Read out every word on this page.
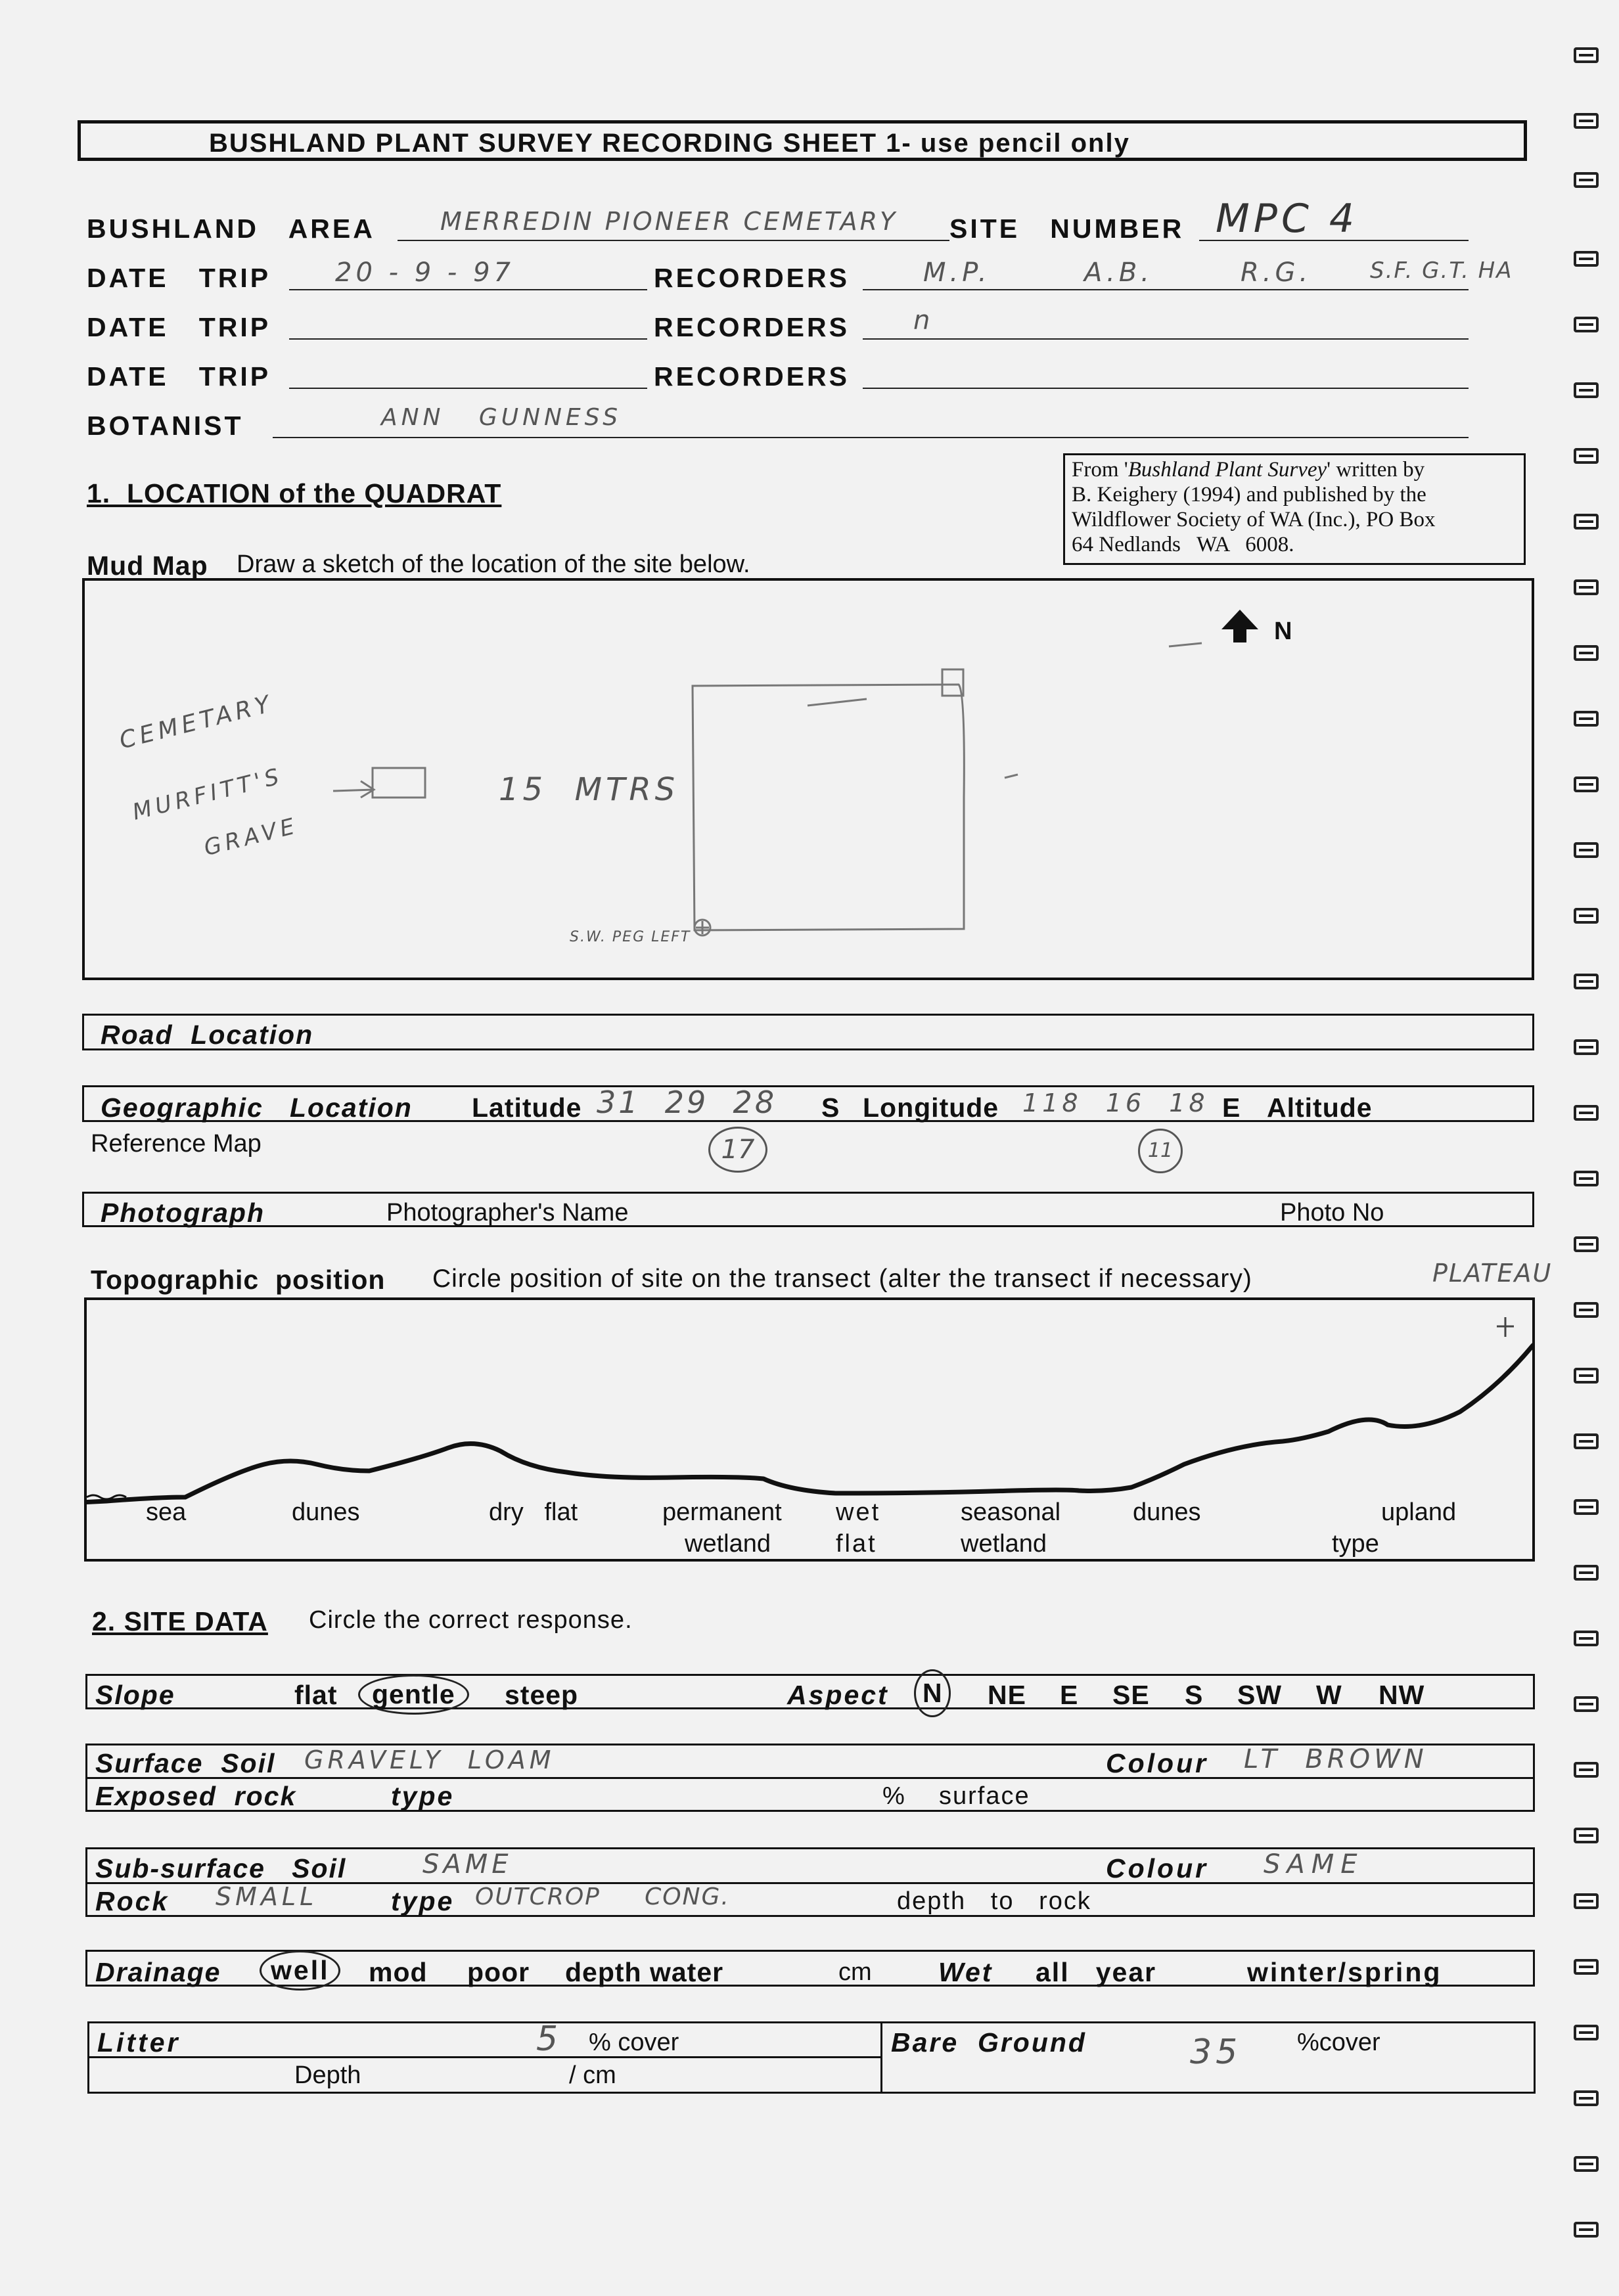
BUSHLAND PLANT SURVEY RECORDING SHEET 1- use pencil only
BUSHLAND   AREA	MERREDIN PIONEER CEMETARY SITE   NUMBER MPC 4
DATE   TRIP 20 - 9 - 97	RECORDERS	M.P.	A.B.	R.G.	S.F. G.T. HA
DATE   TRIP	RECORDERS n
DATE   TRIP	RECORDERS
BOTANIST	ANN   GUNNESS
From 'Bushland Plant Survey' written by
B. Keighery (1994) and published by the
Wildflower Society of WA (Inc.), PO Box
64 Nedlands   WA   6008.
1.  LOCATION of the QUADRAT
Mud Map Draw a sketch of the location of the site below.
CEMETARY
MURFITT'S
GRAVE
15  MTRS
S.W. PEG LEFT
N
Road  Location
Geographic   Location Latitude 31  29  28 S Longitude 118  16  18 E Altitude
Reference Map	17	11
Photograph	Photographer's Name	Photo No
Topographic  position Circle position of site on the transect (alter the transect if necessary)	PLATEAU
sea	dunes	dry   flat	permanent
wetland
wet
flat
seasonal
wetland
dunes	upland
type
2. SITE DATA Circle the correct response.
Slope	flat	gentle	steep	Aspect	N	NE E SE S SW W NW
Surface  Soil GRAVELY  LOAM	Colour LT  BROWN
Exposed  rock	type	%    surface
Sub-surface   Soil	SAME	Colour SAME
Rock SMALL	type OUTCROP     CONG.	depth   to   rock
Drainage	well	mod poor depth water	cm Wet all   year	winter/spring
Litter	5 % cover
Depth	/ cm
Bare  Ground	35 %cover
